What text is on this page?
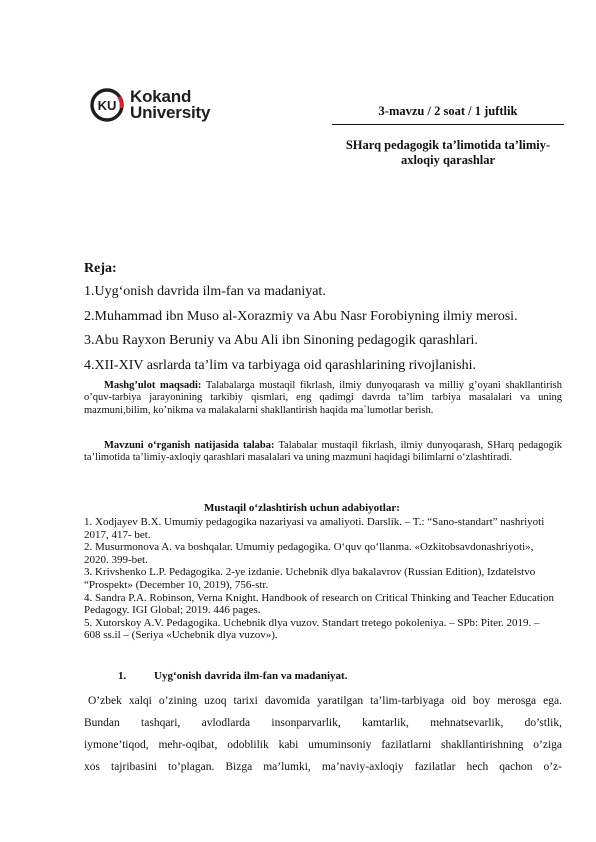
KU Kokand
University	3-mavzu / 2 soat / 1 juftlik
SHarq pedagogik ta’limotida ta’limiy-axloqiy qarashlar
Reja:
1.Uyg‘onish davrida ilm-fan va madaniyat.
2.Muhammad ibn Muso al-Xorazmiy va Abu Nasr Forobiyning ilmiy merosi.
3.Abu Rayxon Beruniy va Abu Ali ibn Sinoning pedagogik qarashlari.
4.XII-XIV asrlarda ta’lim va tarbiyaga oid qarashlarining rivojlanishi.
Mashg’ulot maqsadi: Talabalarga mustaqil fikrlash, ilmiy dunyoqarash va milliy g’oyani shakllantirish o’quv-tarbiya jarayonining tarkibiy qismlari, eng qadimgi davrda ta’lim tarbiya masalalari va uning mazmuni,bilim, ko’nikma va malakalarni shakllantirish haqida ma`lumotlar berish.
Mavzuni o‘rganish natijasida talaba: Talabalar mustaqil fikrlash, ilmiy dunyoqarash, SHarq pedagogik ta’limotida ta’limiy-axloqiy qarashlari masalalari va uning mazmuni haqidagi bilimlarni o‘zlashtiradi.
Mustaqil o‘zlashtirish uchun adabiyotlar:
1. Xodjayev B.X. Umumiy pedagogika nazariyasi va amaliyoti. Darslik. – T.: “Sano-standart” nashriyoti 2017, 417- bet.
2. Musurmonova A. va boshqalar. Umumiy pedagogika. O‘quv qo‘llanma. «Ozkitobsavdonashriyoti», 2020. 399-bet.
3. Krivshenko L.P. Pedagogika. 2-ye izdanie. Uchebnik dlya bakalavrov (Russian Edition), Izdatelstvo “Prospekt» (December 10, 2019), 756-str.
4. Sandra P.A. Robinson, Verna Knight. Handbook of research on Critical Thinking and Teacher Education Pedagogy. IGI Global; 2019. 446 pages.
5. Xutorskoy A.V. Pedagogika. Uchebnik dlya vuzov. Standart tretego pokoleniya. – SPb: Piter. 2019. – 608 ss.il – (Seriya «Uchebnik dlya vuzov»).
1.	Uyg‘onish davrida ilm-fan va madaniyat.
O’zbek xalqi o’zining uzoq tarixi davomida yaratilgan ta’lim-tarbiyaga oid boy merosga ega.
Bundan tashqari, avlodlarda insonparvarlik, kamtarlik, mehnatsevarlik, do’stlik,
iymone’tiqod, mehr-oqibat, odoblilik kabi umuminsoniy fazilatlarni shakllantirishning o’ziga
xos tajribasini to’plagan. Bizga ma’lumki, ma’naviy-axloqiy fazilatlar hech qachon o’z-
